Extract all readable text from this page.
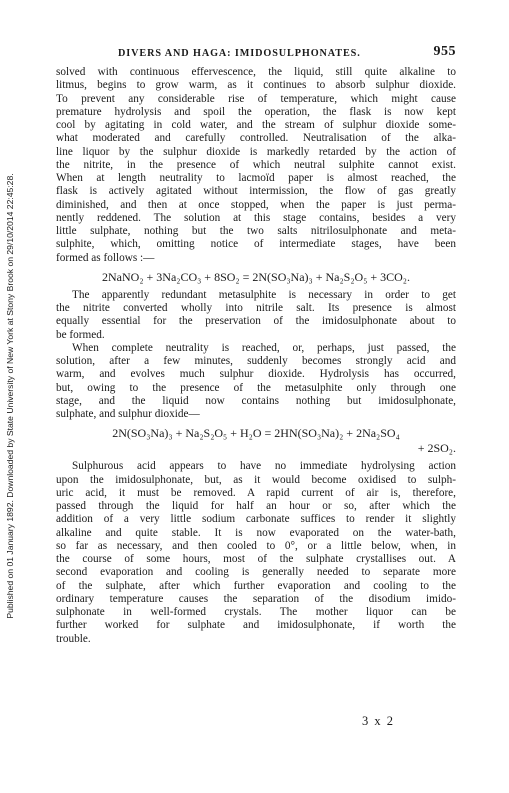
Published on 01 January 1892. Downloaded by State University of New York at Stony Brook on 29/10/2014 22:45:28.
DIVERS AND HAGA: IMIDOSULPHONATES.	955
solved with continuous effervescence, the liquid, still quite alkaline to
litmus, begins to grow warm, as it continues to absorb sulphur dioxide.
To prevent any considerable rise of temperature, which might cause
premature hydrolysis and spoil the operation, the flask is now kept
cool by agitating in cold water, and the stream of sulphur dioxide some-
what moderated and carefully controlled. Neutralisation of the alka-
line liquor by the sulphur dioxide is markedly retarded by the action of
the nitrite, in the presence of which neutral sulphite cannot exist.
When at length neutrality to lacmoïd paper is almost reached, the
flask is actively agitated without intermission, the flow of gas greatly
diminished, and then at once stopped, when the paper is just perma-
nently reddened. The solution at this stage contains, besides a very
little sulphate, nothing but the two salts nitrilosulphonate and meta-
sulphite, which, omitting notice of intermediate stages, have been
formed as follows :—
2NaNO₂ + 3Na₂CO₃ + 8SO₂ = 2N(SO₃Na)₃ + Na₂S₂O₅ + 3CO₂.
The apparently redundant metasulphite is necessary in order to get
the nitrite converted wholly into nitrile salt. Its presence is almost
equally essential for the preservation of the imidosulphonate about to
be formed.
When complete neutrality is reached, or, perhaps, just passed, the
solution, after a few minutes, suddenly becomes strongly acid and
warm, and evolves much sulphur dioxide. Hydrolysis has occurred,
but, owing to the presence of the metasulphite only through one
stage, and the liquid now contains nothing but imidosulphonate,
sulphate, and sulphur dioxide—
2N(SO₃Na)₃ + Na₂S₂O₅ + H₂O = 2HN(SO₃Na)₂ + 2Na₂SO₄
+ 2SO₂.
Sulphurous acid appears to have no immediate hydrolysing action
upon the imidosulphonate, but, as it would become oxidised to sulph-
uric acid, it must be removed. A rapid current of air is, therefore,
passed through the liquid for half an hour or so, after which the
addition of a very little sodium carbonate suffices to render it slightly
alkaline and quite stable. It is now evaporated on the water-bath,
so far as necessary, and then cooled to 0°, or a little below, when, in
the course of some hours, most of the sulphate crystallises out. A
second evaporation and cooling is generally needed to separate more
of the sulphate, after which further evaporation and cooling to the
ordinary temperature causes the separation of the disodium imido-
sulphonate in well-formed crystals. The mother liquor can be
further worked for sulphate and imidosulphonate, if worth the
trouble.
3 x 2
